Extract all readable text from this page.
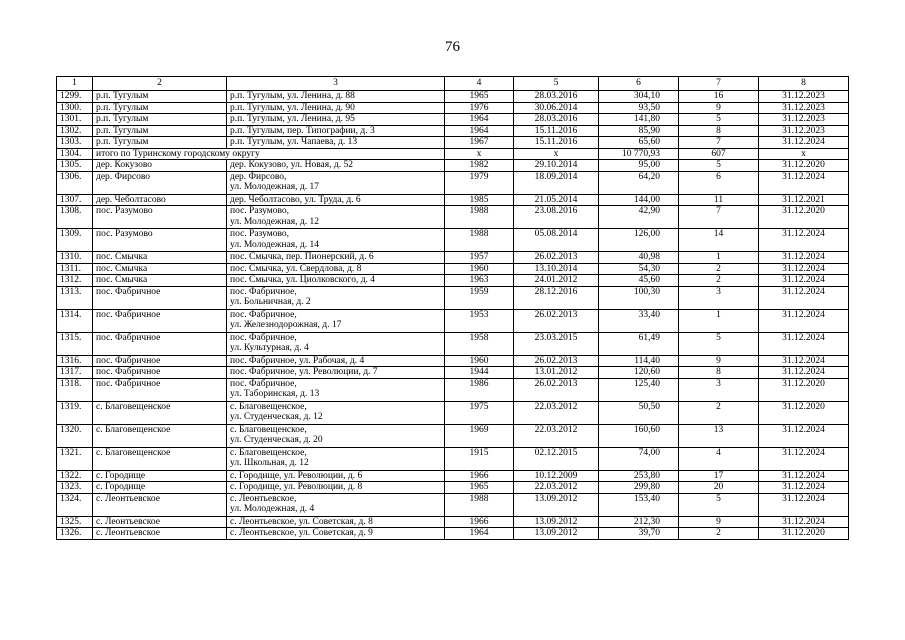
76
1	2	3	4	5	6	7	8
1299.	р.п. Тугулым	р.п. Тугулым, ул. Ленина, д. 88	1965	28.03.2016	304,10	16	31.12.2023
1300.	р.п. Тугулым	р.п. Тугулым, ул. Ленина, д. 90	1976	30.06.2014	93,50	9	31.12.2023
1301.	р.п. Тугулым	р.п. Тугулым, ул. Ленина, д. 95	1964	28.03.2016	141,80	5	31.12.2023
1302.	р.п. Тугулым	р.п. Тугулым, пер. Типографии, д. 3	1964	15.11.2016	85,90	8	31.12.2023
1303.	р.п. Тугулым	р.п. Тугулым, ул. Чапаева, д. 13	1967	15.11.2016	65,60	7	31.12.2024
1304.	итого по Туринскому городскому округу		x	x	10 770,93	607	x
1305.	дер. Кокузово	дер. Кокузово, ул. Новая, д. 52	1982	29.10.2014	95,00	5	31.12.2020
1306.	дер. Фирсово	дер. Фирсово,
ул. Молодежная, д. 17	1979	18.09.2014	64,20	6	31.12.2024
1307.	дер. Чеболтасово	дер. Чеболтасово, ул. Труда, д. 6	1985	21.05.2014	144,00	11	31.12.2021
1308.	пос. Разумово	пос. Разумово,
ул. Молодежная, д. 12	1988	23.08.2016	42,90	7	31.12.2020
1309.	пос. Разумово	пос. Разумово,
ул. Молодежная, д. 14	1988	05.08.2014	126,00	14	31.12.2024
1310.	пос. Смычка	пос. Смычка, пер. Пионерский, д. 6	1957	26.02.2013	40,98	1	31.12.2024
1311.	пос. Смычка	пос. Смычка, ул. Свердлова, д. 8	1960	13.10.2014	54,30	2	31.12.2024
1312.	пос. Смычка	пос. Смычка, ул. Циолковского, д. 4	1963	24.01.2012	45,60	2	31.12.2024
1313.	пос. Фабричное	пос. Фабричное,
ул. Больничная, д. 2	1959	28.12.2016	100,30	3	31.12.2024
1314.	пос. Фабричное	пос. Фабричное,
ул. Железнодорожная, д. 17	1953	26.02.2013	33,40	1	31.12.2024
1315.	пос. Фабричное	пос. Фабричное,
ул. Культурная, д. 4	1958	23.03.2015	61,49	5	31.12.2024
1316.	пос. Фабричное	пос. Фабричное, ул. Рабочая, д. 4	1960	26.02.2013	114,40	9	31.12.2024
1317.	пос. Фабричное	пос. Фабричное, ул. Революции, д. 7	1944	13.01.2012	120,60	8	31.12.2024
1318.	пос. Фабричное	пос. Фабричное,
ул. Таборинская, д. 13	1986	26.02.2013	125,40	3	31.12.2020
1319.	с. Благовещенское	с. Благовещенское,
ул. Студенческая, д. 12	1975	22.03.2012	50,50	2	31.12.2020
1320.	с. Благовещенское	с. Благовещенское,
ул. Студенческая, д. 20	1969	22.03.2012	160,60	13	31.12.2024
1321.	с. Благовещенское	с. Благовещенское,
ул. Школьная, д. 12	1915	02.12.2015	74,00	4	31.12.2024
1322.	с. Городище	с. Городище, ул. Революции, д. 6	1966	10.12.2009	253,80	17	31.12.2024
1323.	с. Городище	с. Городище, ул. Революции, д. 8	1965	22.03.2012	299,80	20	31.12.2024
1324.	с. Леонтьевское	с. Леонтьевское,
ул. Молодежная, д. 4	1988	13.09.2012	153,40	5	31.12.2024
1325.	с. Леонтьевское	с. Леонтьевское, ул. Советская, д. 8	1966	13.09.2012	212,30	9	31.12.2024
1326.	с. Леонтьевское	с. Леонтьевское, ул. Советская, д. 9	1964	13.09.2012	39,70	2	31.12.2020
